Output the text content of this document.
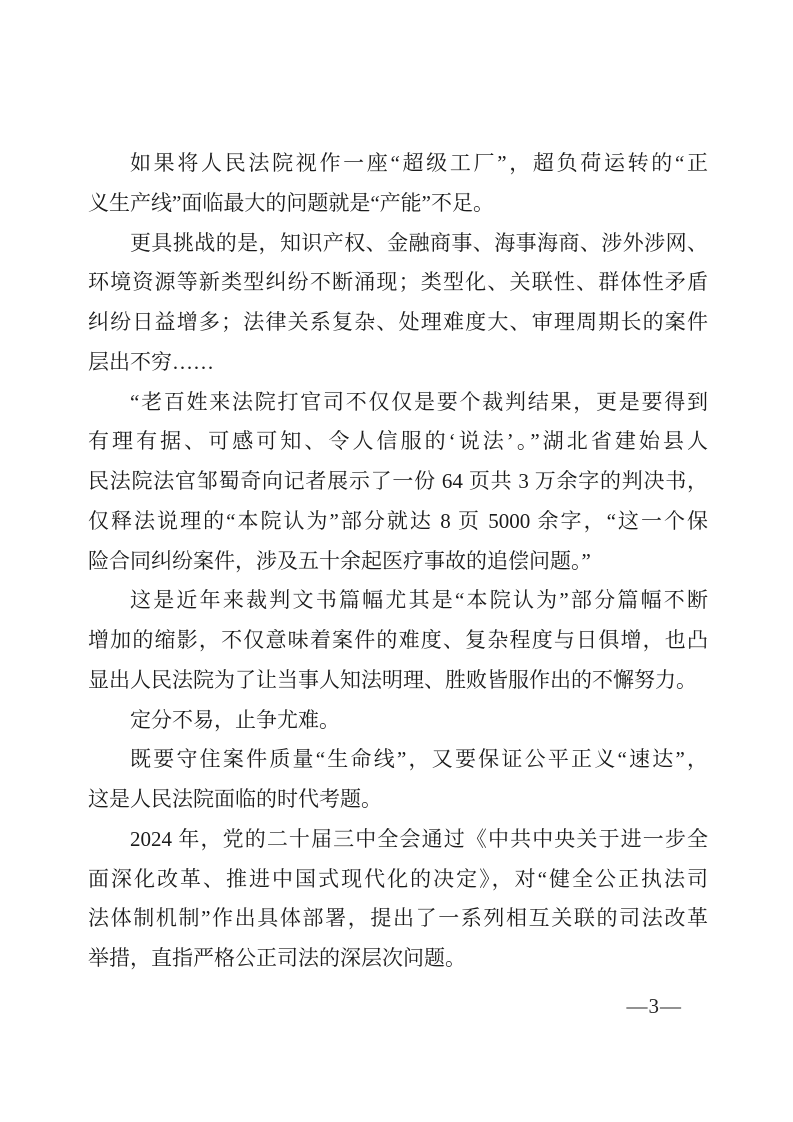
如果将人民法院视作一座“超级工厂”，超负荷运转的“正
义生产线”面临最大的问题就是“产能”不足。
更具挑战的是，知识产权、金融商事、海事海商、涉外涉网、
环境资源等新类型纠纷不断涌现；类型化、关联性、群体性矛盾
纠纷日益增多；法律关系复杂、处理难度大、审理周期长的案件
层出不穷……
“老百姓来法院打官司不仅仅是要个裁判结果，更是要得到
有理有据、可感可知、令人信服的‘说法’。”湖北省建始县人
民法院法官邹蜀奇向记者展示了一份 64 页共 3 万余字的判决书，
仅释法说理的“本院认为”部分就达 8 页 5000 余字，“这一个保
险合同纠纷案件，涉及五十余起医疗事故的追偿问题。”
这是近年来裁判文书篇幅尤其是“本院认为”部分篇幅不断
增加的缩影，不仅意味着案件的难度、复杂程度与日俱增，也凸
显出人民法院为了让当事人知法明理、胜败皆服作出的不懈努力。
定分不易，止争尤难。
既要守住案件质量“生命线”，又要保证公平正义“速达”，
这是人民法院面临的时代考题。
2024 年，党的二十届三中全会通过《中共中央关于进一步全
面深化改革、推进中国式现代化的决定》，对“健全公正执法司
法体制机制”作出具体部署，提出了一系列相互关联的司法改革
举措，直指严格公正司法的深层次问题。
—3—
